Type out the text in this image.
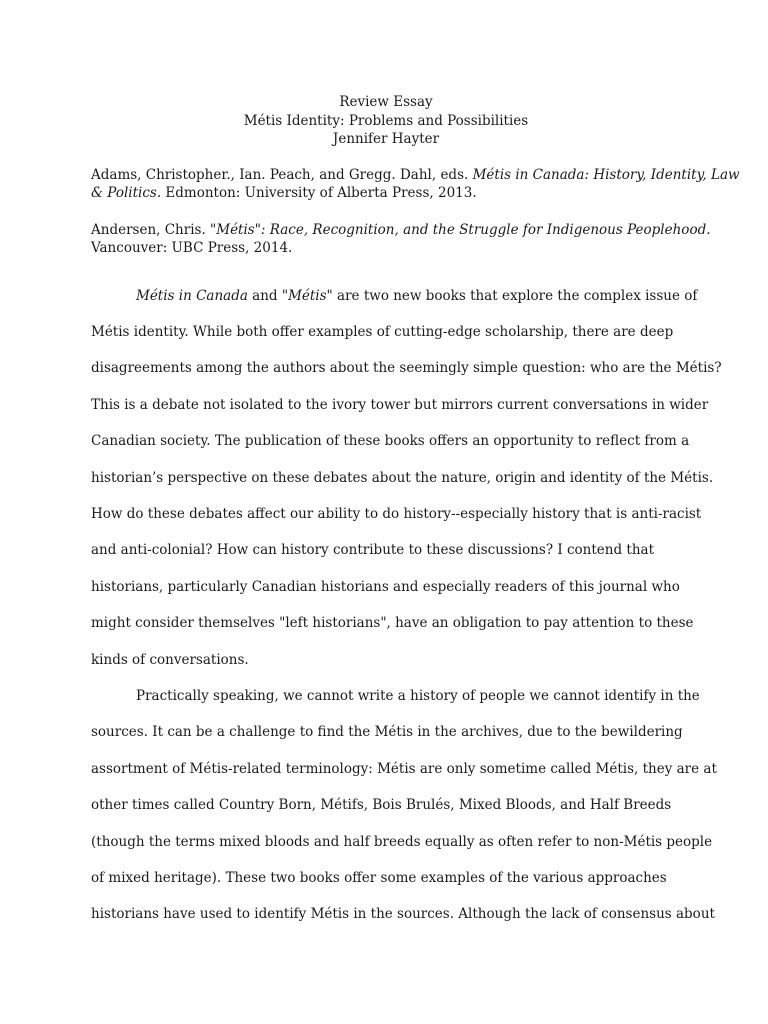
Review Essay
Métis Identity: Problems and Possibilities
Jennifer Hayter
Adams, Christopher., Ian. Peach, and Gregg. Dahl, eds. Métis in Canada: History, Identity, Law
& Politics. Edmonton: University of Alberta Press, 2013.
Andersen, Chris. "Métis": Race, Recognition, and the Struggle for Indigenous Peoplehood.
Vancouver: UBC Press, 2014.
Métis in Canada and "Métis" are two new books that explore the complex issue of
Métis identity. While both offer examples of cutting-edge scholarship, there are deep
disagreements among the authors about the seemingly simple question: who are the Métis?
This is a debate not isolated to the ivory tower but mirrors current conversations in wider
Canadian society. The publication of these books offers an opportunity to reflect from a
historian’s perspective on these debates about the nature, origin and identity of the Métis.
How do these debates affect our ability to do history--especially history that is anti-racist
and anti-colonial? How can history contribute to these discussions? I contend that
historians, particularly Canadian historians and especially readers of this journal who
might consider themselves "left historians", have an obligation to pay attention to these
kinds of conversations.
Practically speaking, we cannot write a history of people we cannot identify in the
sources. It can be a challenge to find the Métis in the archives, due to the bewildering
assortment of Métis-related terminology: Métis are only sometime called Métis, they are at
other times called Country Born, Métifs, Bois Brulés, Mixed Bloods, and Half Breeds
(though the terms mixed bloods and half breeds equally as often refer to non-Métis people
of mixed heritage). These two books offer some examples of the various approaches
historians have used to identify Métis in the sources. Although the lack of consensus about
